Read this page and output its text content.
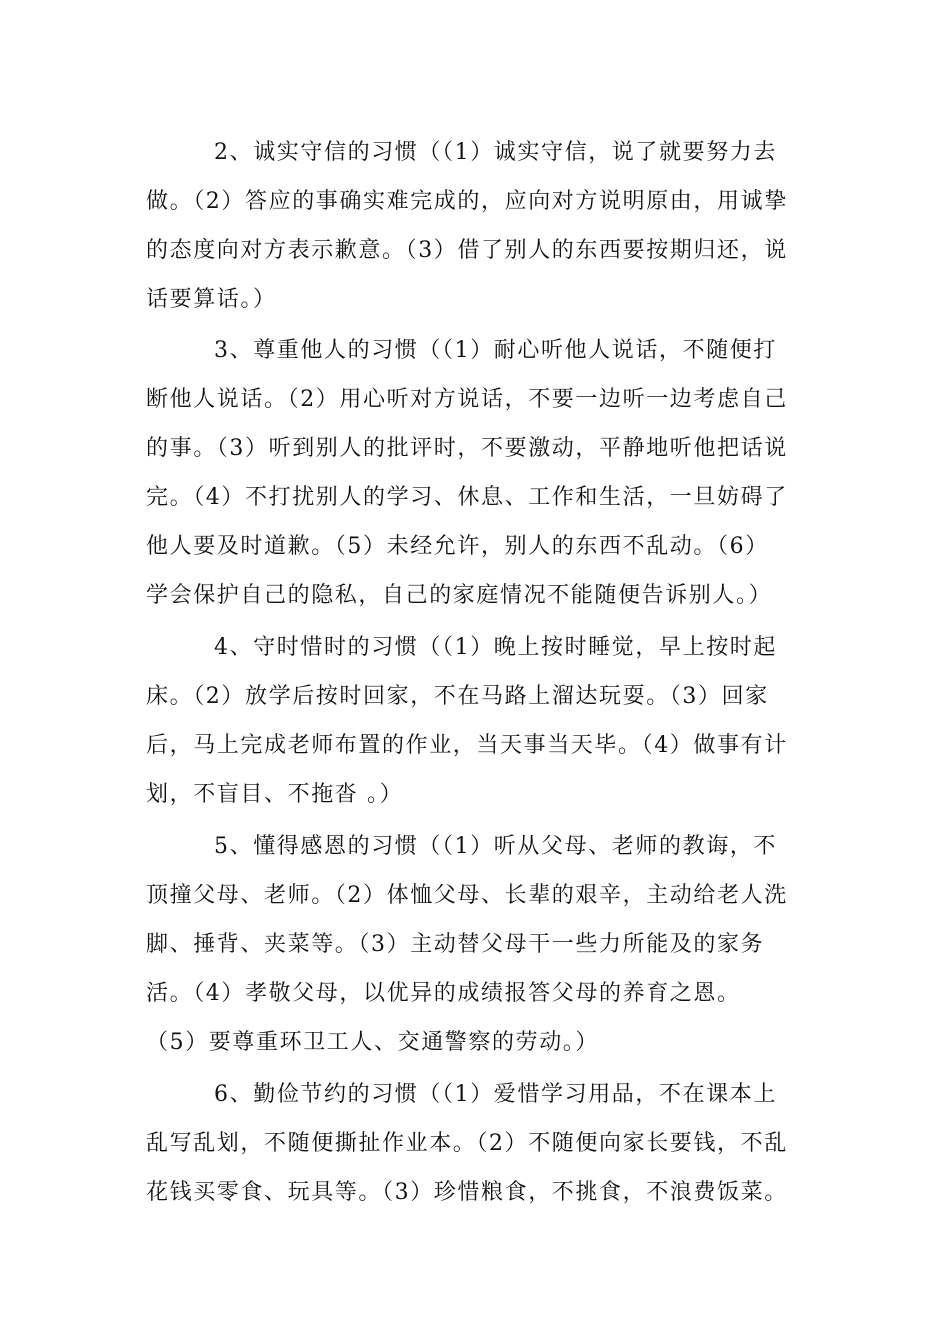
2、诚实守信的习惯（（1）诚实守信，说了就要努力去
做。（2）答应的事确实难完成的，应向对方说明原由，用诚挚
的态度向对方表示歉意。（3）借了别人的东西要按期归还，说
话要算话。）
3、尊重他人的习惯（（1）耐心听他人说话，不随便打
断他人说话。（2）用心听对方说话，不要一边听一边考虑自己
的事。（3）听到别人的批评时，不要激动，平静地听他把话说
完。（4）不打扰别人的学习、休息、工作和生活，一旦妨碍了
他人要及时道歉。（5）未经允许，别人的东西不乱动。（6）
学会保护自己的隐私，自己的家庭情况不能随便告诉别人。）
4、守时惜时的习惯（（1）晚上按时睡觉，早上按时起
床。（2）放学后按时回家，不在马路上溜达玩耍。（3）回家
后，马上完成老师布置的作业，当天事当天毕。（4）做事有计
划，不盲目、不拖沓 。）
5、懂得感恩的习惯（（1）听从父母、老师的教诲，不
顶撞父母、老师。（2）体恤父母、长辈的艰辛，主动给老人洗
脚、捶背、夹菜等。（3）主动替父母干一些力所能及的家务
活。（4）孝敬父母，以优异的成绩报答父母的养育之恩。
（5）要尊重环卫工人、交通警察的劳动。）
6、勤俭节约的习惯（（1）爱惜学习用品，不在课本上
乱写乱划，不随便撕扯作业本。（2）不随便向家长要钱，不乱
花钱买零食、玩具等。（3）珍惜粮食，不挑食，不浪费饭菜。
